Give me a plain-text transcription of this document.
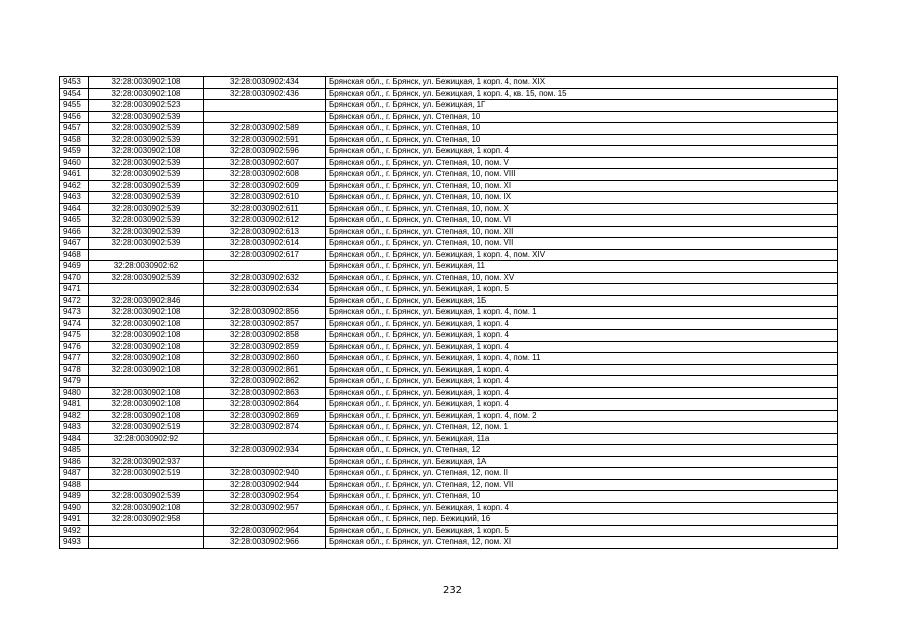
9453	32:28:0030902:108	32:28:0030902:434	Брянская обл., г. Брянск, ул. Бежицкая, 1 корп. 4, пом. XIX
9454	32:28:0030902:108	32:28:0030902:436	Брянская обл., г. Брянск, ул. Бежицкая, 1 корп. 4, кв. 15, пом. 15
9455	32:28:0030902:523		Брянская обл., г. Брянск, ул. Бежицкая, 1Г
9456	32:28:0030902:539		Брянская обл., г. Брянск, ул. Степная, 10
9457	32:28:0030902:539	32:28:0030902:589	Брянская обл., г. Брянск, ул. Степная, 10
9458	32:28:0030902:539	32:28:0030902:591	Брянская обл., г. Брянск, ул. Степная, 10
9459	32:28:0030902:108	32:28:0030902:596	Брянская обл., г. Брянск, ул. Бежицкая, 1 корп. 4
9460	32:28:0030902:539	32:28:0030902:607	Брянская обл., г. Брянск, ул. Степная, 10, пом. V
9461	32:28:0030902:539	32:28:0030902:608	Брянская обл., г. Брянск, ул. Степная, 10, пом. VIII
9462	32:28:0030902:539	32:28:0030902:609	Брянская обл., г. Брянск, ул. Степная, 10, пом. XI
9463	32:28:0030902:539	32:28:0030902:610	Брянская обл., г. Брянск, ул. Степная, 10, пом. IX
9464	32:28:0030902:539	32:28:0030902:611	Брянская обл., г. Брянск, ул. Степная, 10, пом. X
9465	32:28:0030902:539	32:28:0030902:612	Брянская обл., г. Брянск, ул. Степная, 10, пом. VI
9466	32:28:0030902:539	32:28:0030902:613	Брянская обл., г. Брянск, ул. Степная, 10, пом. XII
9467	32:28:0030902:539	32:28:0030902:614	Брянская обл., г. Брянск, ул. Степная, 10, пом. VII
9468		32:28:0030902:617	Брянская обл., г. Брянск, ул. Бежицкая, 1 корп. 4, пом. XIV
9469	32:28:0030902:62		Брянская обл., г. Брянск, ул. Бежицкая, 11
9470	32:28:0030902:539	32:28:0030902:632	Брянская обл., г. Брянск, ул. Степная, 10, пом. XV
9471		32:28:0030902:634	Брянская обл., г. Брянск, ул. Бежицкая, 1 корп. 5
9472	32:28:0030902:846		Брянская обл., г. Брянск, ул. Бежицкая, 1Б
9473	32:28:0030902:108	32:28:0030902:856	Брянская обл., г. Брянск, ул. Бежицкая, 1 корп. 4, пом. 1
9474	32:28:0030902:108	32:28:0030902:857	Брянская обл., г. Брянск, ул. Бежицкая, 1 корп. 4
9475	32:28:0030902:108	32:28:0030902:858	Брянская обл., г. Брянск, ул. Бежицкая, 1 корп. 4
9476	32:28:0030902:108	32:28:0030902:859	Брянская обл., г. Брянск, ул. Бежицкая, 1 корп. 4
9477	32:28:0030902:108	32:28:0030902:860	Брянская обл., г. Брянск, ул. Бежицкая, 1 корп. 4, пом. 11
9478	32:28:0030902:108	32:28:0030902:861	Брянская обл., г. Брянск, ул. Бежицкая, 1 корп. 4
9479		32:28:0030902:862	Брянская обл., г. Брянск, ул. Бежицкая, 1 корп. 4
9480	32:28:0030902:108	32:28:0030902:863	Брянская обл., г. Брянск, ул. Бежицкая, 1 корп. 4
9481	32:28:0030902:108	32:28:0030902:864	Брянская обл., г. Брянск, ул. Бежицкая, 1 корп. 4
9482	32:28:0030902:108	32:28:0030902:869	Брянская обл., г. Брянск, ул. Бежицкая, 1 корп. 4, пом. 2
9483	32:28:0030902:519	32:28:0030902:874	Брянская обл., г. Брянск, ул. Степная, 12, пом. 1
9484	32:28:0030902:92		Брянская обл., г. Брянск, ул. Бежицкая, 11а
9485		32:28:0030902:934	Брянская обл., г. Брянск, ул. Степная, 12
9486	32:28:0030902:937		Брянская обл., г. Брянск, ул. Бежицкая, 1А
9487	32:28:0030902:519	32:28:0030902:940	Брянская обл., г. Брянск, ул. Степная, 12, пом. II
9488		32:28:0030902:944	Брянская обл., г. Брянск, ул. Степная, 12, пом. VII
9489	32:28:0030902:539	32:28:0030902:954	Брянская обл., г. Брянск, ул. Степная, 10
9490	32:28:0030902:108	32:28:0030902:957	Брянская обл., г. Брянск, ул. Бежицкая, 1 корп. 4
9491	32:28:0030902:958		Брянская обл., г. Брянск, пер. Бежицкий, 16
9492		32:28:0030902:964	Брянская обл., г. Брянск, ул. Бежицкая, 1 корп. 5
9493		32:28:0030902:966	Брянская обл., г. Брянск, ул. Степная, 12, пом. XI
232
